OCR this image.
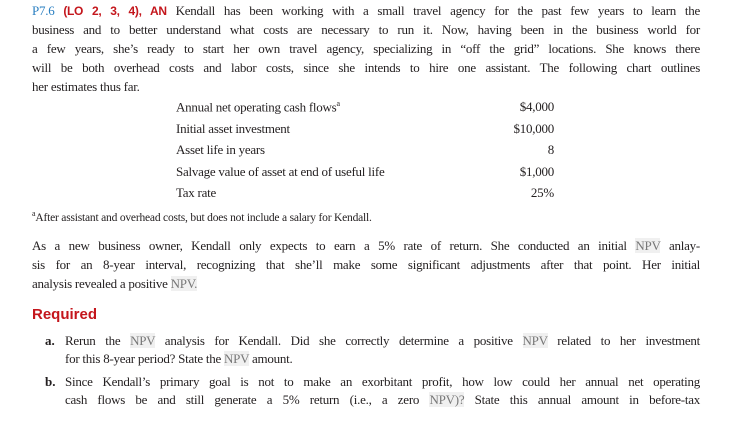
P7.6 (LO 2, 3, 4), AN Kendall has been working with a small travel agency for the past few years to learn the
business and to better understand what costs are necessary to run it. Now, having been in the business world for
a few years, she’s ready to start her own travel agency, specializing in “off the grid” locations. She knows there
will be both overhead costs and labor costs, since she intends to hire one assistant. The following chart outlines
her estimates thus far.
Annual net operating cash flows$^a$	$4,000
Initial asset investment	$10,000
Asset life in years	8
Salvage value of asset at end of useful life	$1,000
Tax rate	25%
$^a$After assistant and overhead costs, but does not include a salary for Kendall.
As a new business owner, Kendall only expects to earn a 5% rate of return. She conducted an initial NPV anlay-
sis for an 8-year interval, recognizing that she’ll make some significant adjustments after that point. Her initial
analysis revealed a positive NPV.
Required
a. Rerun the NPV analysis for Kendall. Did she correctly determine a positive NPV related to her investment
for this 8-year period? State the NPV amount.
b. Since Kendall’s primary goal is not to make an exorbitant profit, how low could her annual net operating
cash flows be and still generate a 5% return (i.e., a zero NPV)? State this annual amount in before-tax
